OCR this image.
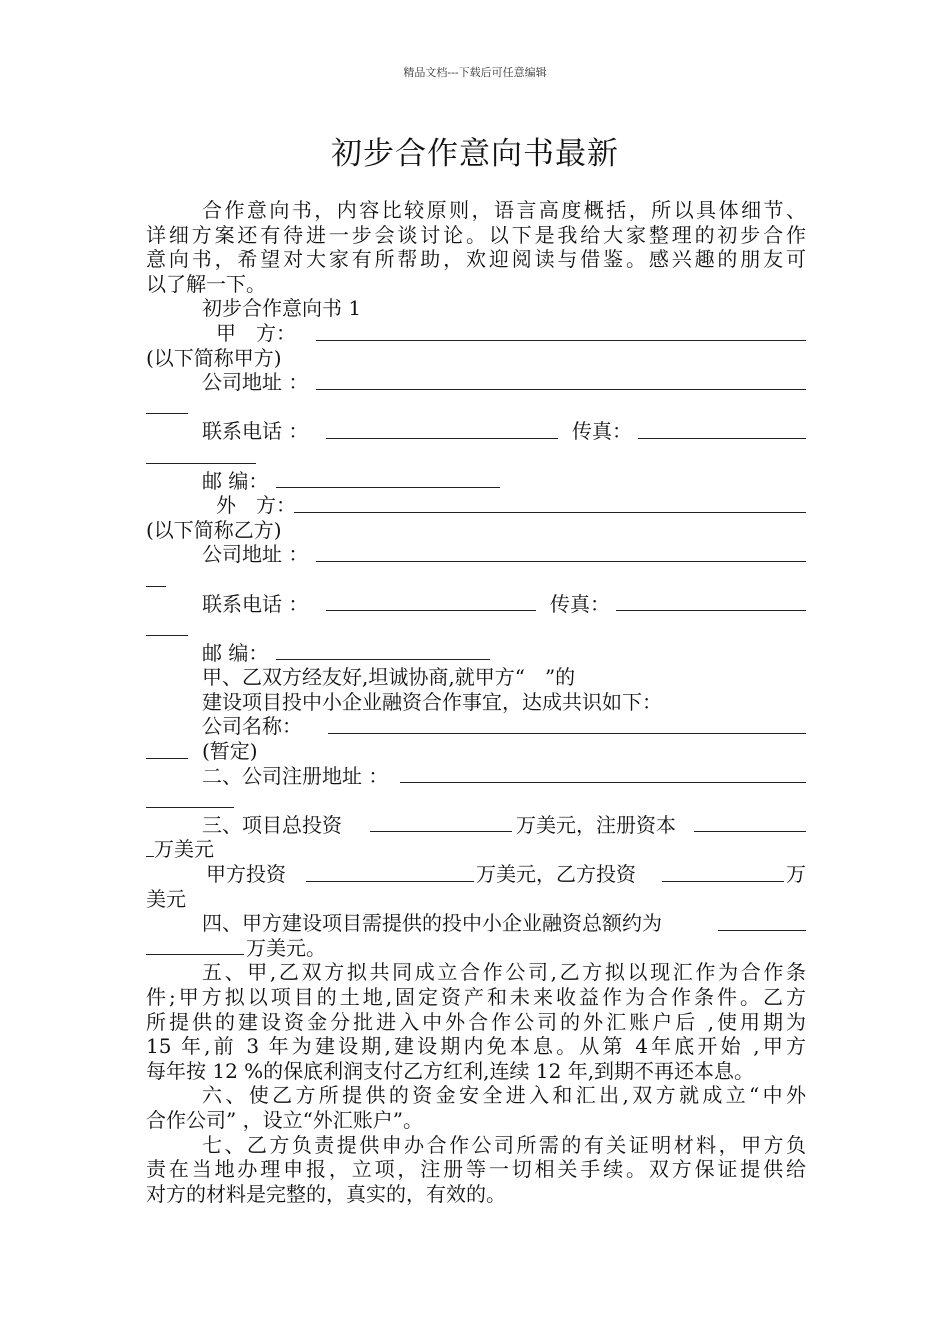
精品文档---下载后可任意编辑
初步合作意向书最新
合作意向书，内容比较原则，语言高度概括，所以具体细节、
详细方案还有待进一步会谈讨论。以下是我给大家整理的初步合作
意向书，希望对大家有所帮助，欢迎阅读与借鉴。感兴趣的朋友可
以了解一下。
初步合作意向书 1
甲　方：
(以下简称甲方)
公司地址 ：
联系电话 ：	传真：
邮 编：
外　方：
(以下简称乙方)
公司地址 ：
联系电话 ：	传真：
邮 编：
甲、乙双方经友好,坦诚协商,就甲方“　”的
建设项目投中小企业融资合作事宜，达成共识如下：
公司名称：
(暂定)
二、公司注册地址 ：
三、项目总投资	万美元，注册资本
万美元
甲方投资	万美元，乙方投资	万
美元
四、甲方建设项目需提供的投中小企业融资总额约为
万美元。
五、甲,乙双方拟共同成立合作公司,乙方拟以现汇作为合作条
件;甲方拟以项目的土地,固定资产和未来收益作为合作条件。乙方
所提供的建设资金分批进入中外合作公司的外汇账户后 ,使用期为
15 年,前 3 年为建设期,建设期内免本息。从第 4年底开始 ,甲方
每年按 12 %的保底利润支付乙方红利,连续 12 年,到期不再还本息。
六、使乙方所提供的资金安全进入和汇出,双方就成立“中外
合作公司” ，设立“外汇账户”。
七、乙方负责提供申办合作公司所需的有关证明材料，甲方负
责在当地办理申报，立项，注册等一切相关手续。双方保证提供给
对方的材料是完整的，真实的，有效的。
